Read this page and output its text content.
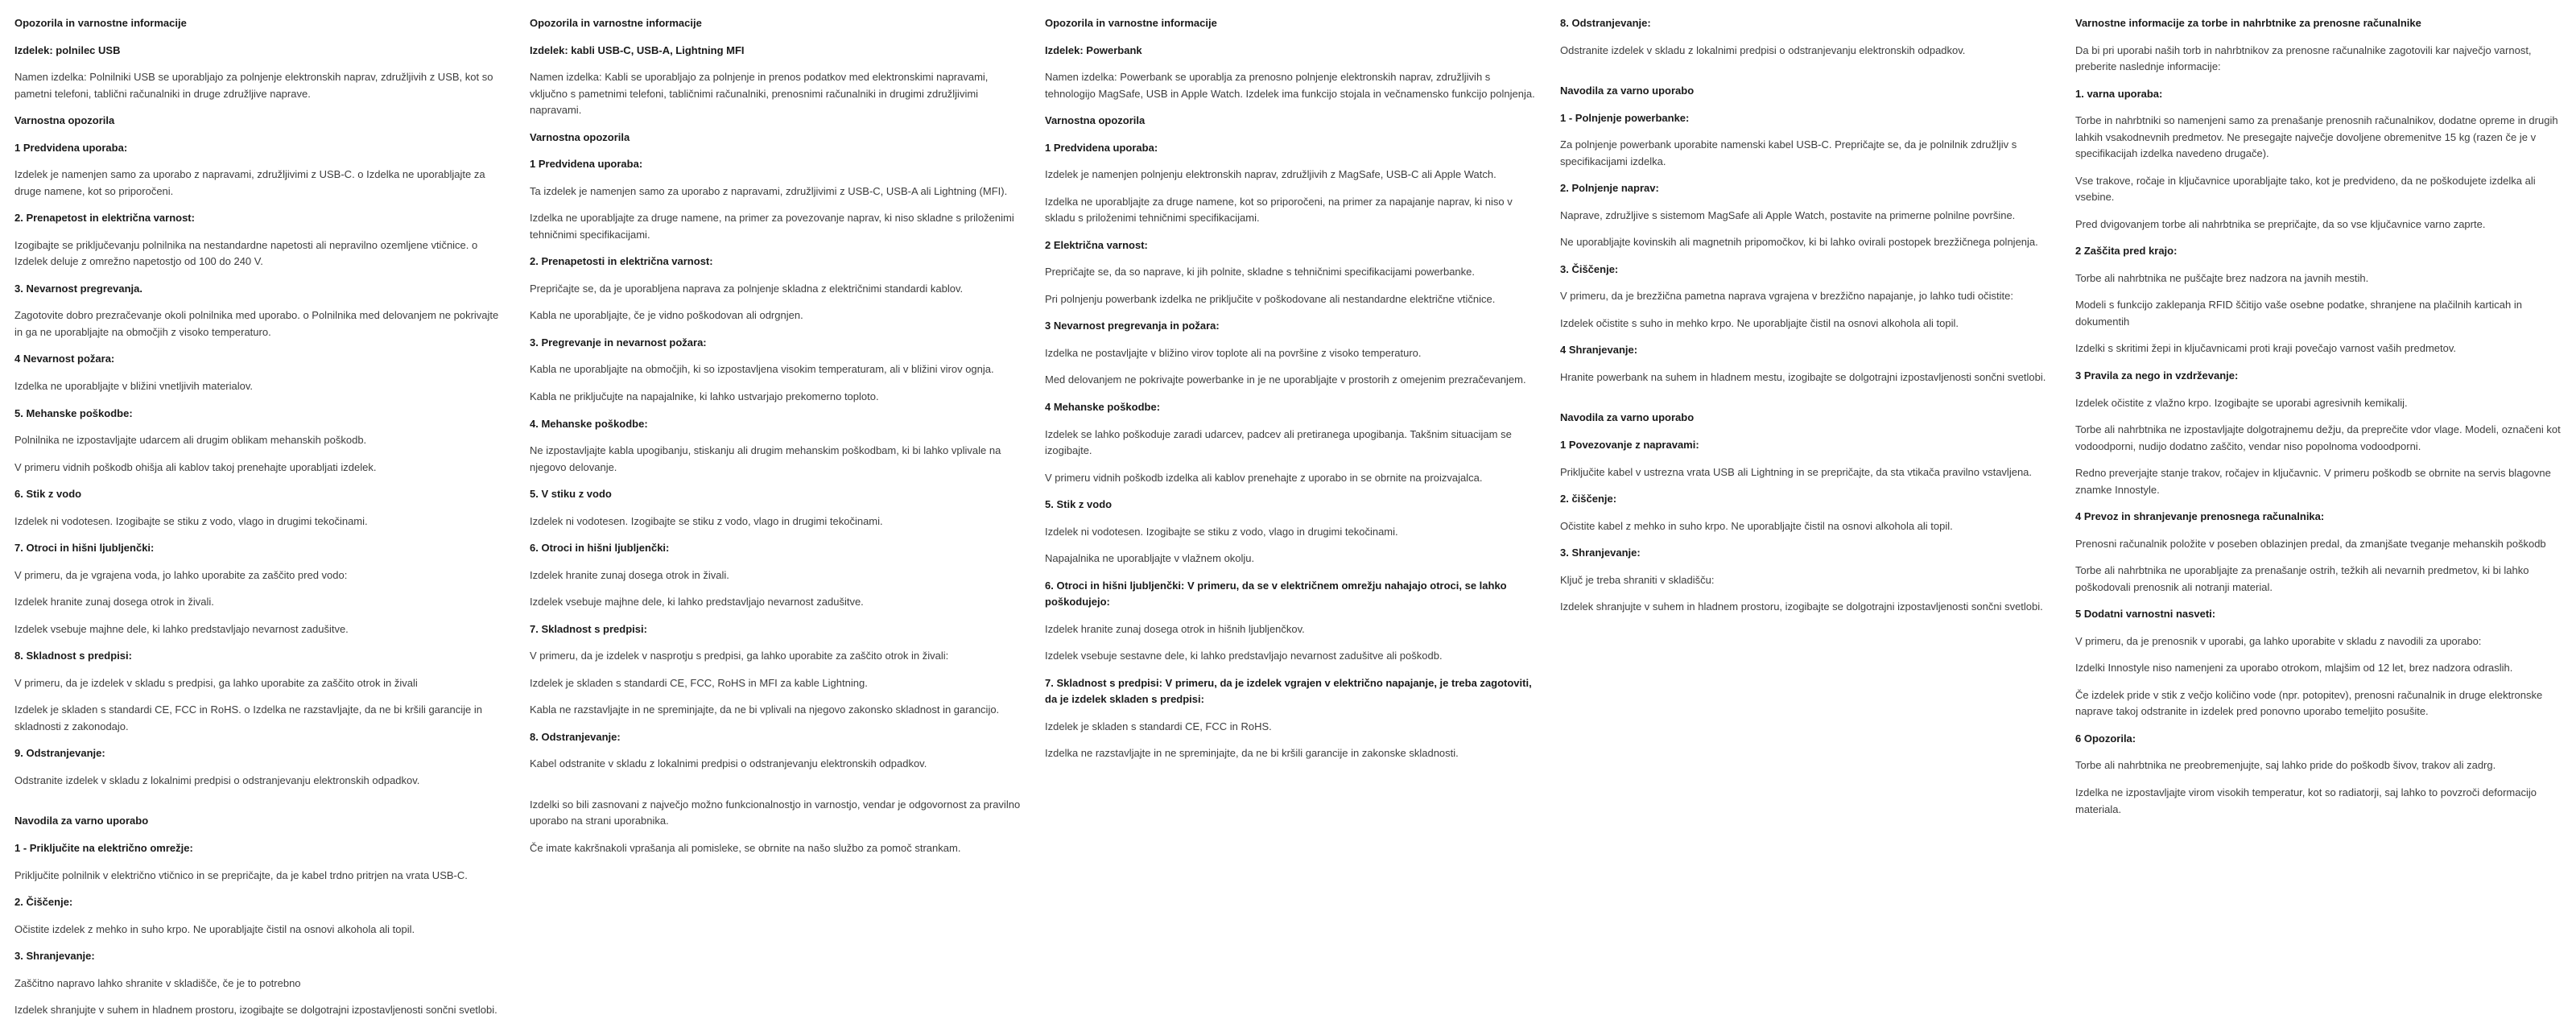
Opozorila in varnostne informacije

Izdelek: polnilec USB

Namen izdelka: Polnilniki USB se uporabljajo za polnjenje elektronskih naprav, združljivih z USB, kot so pametni telefoni, tablični računalniki in druge združljive naprave.

Varnostna opozorila

1 Predvidena uporaba:

Izdelek je namenjen samo za uporabo z napravami, združljivimi z USB-C. o Izdelka ne uporabljajte za druge namene, kot so priporočeni.

2. Prenapetost in električna varnost:

Izogibajte se priključevanju polnilnika na nestandardne napetosti ali nepravilno ozemljene vtičnice. o Izdelek deluje z omrežno napetostjo od 100 do 240 V.

3. Nevarnost pregrevanja.

Zagotovite dobro prezračevanje okoli polnilnika med uporabo. o Polnilnika med delovanjem ne pokrivajte in ga ne uporabljajte na območjih z visoko temperaturo.

4 Nevarnost požara:

Izdelka ne uporabljajte v bližini vnetljivih materialov.

5. Mehanske poškodbe:

Polnilnika ne izpostavljajte udarcem ali drugim oblikam mehanskih poškodb.

V primeru vidnih poškodb ohišja ali kablov takoj prenehajte uporabljati izdelek.

6. Stik z vodo

Izdelek ni vodotesen. Izogibajte se stiku z vodo, vlago in drugimi tekočinami.

7. Otroci in hišni ljubljenčki:

V primeru, da je vgrajena voda, jo lahko uporabite za zaščito pred vodo:

Izdelek hranite zunaj dosega otrok in živali.

Izdelek vsebuje majhne dele, ki lahko predstavljajo nevarnost zadušitve.

8. Skladnost s predpisi:

V primeru, da je izdelek v skladu s predpisi, ga lahko uporabite za zaščito otrok in živali

Izdelek je skladen s standardi CE, FCC in RoHS. o Izdelka ne razstavljajte, da ne bi kršili garancije in skladnosti z zakonodajo.

9. Odstranjevanje:

Odstranite izdelek v skladu z lokalnimi predpisi o odstranjevanju elektronskih odpadkov.

Navodila za varno uporabo

1 - Priključite na električno omrežje:

Priključite polnilnik v električno vtičnico in se prepričajte, da je kabel trdno pritrjen na vrata USB-C.

2. Čiščenje:

Očistite izdelek z mehko in suho krpo. Ne uporabljajte čistil na osnovi alkohola ali topil.

3. Shranjevanje:

Zaščitno napravo lahko shranite v skladišče, če je to potrebno

Izdelek shranjujte v suhem in hladnem prostoru, izogibajte se dolgotrajni izpostavljenosti sončni svetlobi.

Opozorila in varnostne informacije

Izdelek: kabli USB-C, USB-A, Lightning MFI

Namen izdelka: Kabli se uporabljajo za polnjenje in prenos podatkov med elektronskimi napravami, vključno s pametnimi telefoni, tabličnimi računalniki, prenosnimi računalniki in drugimi združljivimi napravami.

Varnostna opozorila

1 Predvidena uporaba:

Ta izdelek je namenjen samo za uporabo z napravami, združljivimi z USB-C, USB-A ali Lightning (MFI).

Izdelka ne uporabljajte za druge namene, na primer za povezovanje naprav, ki niso skladne s priloženimi tehničnimi specifikacijami.

2. Prenapetosti in električna varnost:

Prepričajte se, da je uporabljena naprava za polnjenje skladna z električnimi standardi kablov.

Kabla ne uporabljajte, če je vidno poškodovan ali odrgnjen.

3. Pregrevanje in nevarnost požara:

Kabla ne uporabljajte na območjih, ki so izpostavljena visokim temperaturam, ali v bližini virov ognja.

Kabla ne priključujte na napajalnike, ki lahko ustvarjajo prekomerno toploto.

4. Mehanske poškodbe:

Ne izpostavljajte kabla upogibanju, stiskanju ali drugim mehanskim poškodbam, ki bi lahko vplivale na njegovo delovanje.

5. V stiku z vodo

Izdelek ni vodotesen. Izogibajte se stiku z vodo, vlago in drugimi tekočinami.

6. Otroci in hišni ljubljenčki:

Izdelek hranite zunaj dosega otrok in živali.

Izdelek vsebuje majhne dele, ki lahko predstavljajo nevarnost zadušitve.

7. Skladnost s predpisi:

V primeru, da je izdelek v nasprotju s predpisi, ga lahko uporabite za zaščito otrok in živali:

Izdelek je skladen s standardi CE, FCC, RoHS in MFI za kable Lightning.

Kabla ne razstavljajte in ne spreminjajte, da ne bi vplivali na njegovo zakonsko skladnost in garancijo.

8. Odstranjevanje:

Kabel odstranite v skladu z lokalnimi predpisi o odstranjevanju elektronskih odpadkov.

Izdelki so bili zasnovani z največjo možno funkcionalnostjo in varnostjo, vendar je odgovornost za pravilno uporabo na strani uporabnika.

Če imate kakršnakoli vprašanja ali pomisleke, se obrnite na našo službo za pomoč strankam.

Opozorila in varnostne informacije

Izdelek: Powerbank

Namen izdelka: Powerbank se uporablja za prenosno polnjenje elektronskih naprav, združljivih s tehnologijo MagSafe, USB in Apple Watch. Izdelek ima funkcijo stojala in večnamensko funkcijo polnjenja.

Varnostna opozorila

1 Predvidena uporaba:

Izdelek je namenjen polnjenju elektronskih naprav, združljivih z MagSafe, USB-C ali Apple Watch.

Izdelka ne uporabljajte za druge namene, kot so priporočeni, na primer za napajanje naprav, ki niso v skladu s priloženimi tehničnimi specifikacijami.

2 Električna varnost:

Prepričajte se, da so naprave, ki jih polnite, skladne s tehničnimi specifikacijami powerbanke.

Pri polnjenju powerbank izdelka ne priključite v poškodovane ali nestandardne električne vtičnice.

3 Nevarnost pregrevanja in požara:

Izdelka ne postavljajte v bližino virov toplote ali na površine z visoko temperaturo.

Med delovanjem ne pokrivajte powerbanke in je ne uporabljajte v prostorih z omejenim prezračevanjem.

4 Mehanske poškodbe:

Izdelek se lahko poškoduje zaradi udarcev, padcev ali pretiranega upogibanja. Takšnim situacijam se izogibajte.

V primeru vidnih poškodb izdelka ali kablov prenehajte z uporabo in se obrnite na proizvajalca.

5. Stik z vodo

Izdelek ni vodotesen. Izogibajte se stiku z vodo, vlago in drugimi tekočinami.

Napajalnika ne uporabljajte v vlažnem okolju.

6. Otroci in hišni ljubljenčki: V primeru, da se v električnem omrežju nahajajo otroci, se lahko poškodujejo:

Izdelek hranite zunaj dosega otrok in hišnih ljubljenčkov.

Izdelek vsebuje sestavne dele, ki lahko predstavljajo nevarnost zadušitve ali poškodb.

7. Skladnost s predpisi: V primeru, da je izdelek vgrajen v električno napajanje, je treba zagotoviti, da je izdelek skladen s predpisi:

Izdelek je skladen s standardi CE, FCC in RoHS.

Izdelka ne razstavljajte in ne spreminjajte, da ne bi kršili garancije in zakonske skladnosti.

8. Odstranjevanje:

Odstranite izdelek v skladu z lokalnimi predpisi o odstranjevanju elektronskih odpadkov.

Navodila za varno uporabo

1 - Polnjenje powerbanke:

Za polnjenje powerbank uporabite namenski kabel USB-C. Prepričajte se, da je polnilnik združljiv s specifikacijami izdelka.

2. Polnjenje naprav:

Naprave, združljive s sistemom MagSafe ali Apple Watch, postavite na primerne polnilne površine.

Ne uporabljajte kovinskih ali magnetnih pripomočkov, ki bi lahko ovirali postopek brezžičnega polnjenja.

3. Čiščenje:

V primeru, da je brezžična pametna naprava vgrajena v brezžično napajanje, jo lahko tudi očistite:

Izdelek očistite s suho in mehko krpo. Ne uporabljajte čistil na osnovi alkohola ali topil.

4 Shranjevanje:

Hranite powerbank na suhem in hladnem mestu, izogibajte se dolgotrajni izpostavljenosti sončni svetlobi.

Navodila za varno uporabo

1 Povezovanje z napravami:

Priključite kabel v ustrezna vrata USB ali Lightning in se prepričajte, da sta vtikača pravilno vstavljena.

2. čiščenje:

Očistite kabel z mehko in suho krpo. Ne uporabljajte čistil na osnovi alkohola ali topil.

3. Shranjevanje:

Ključ je treba shraniti v skladišču:

Izdelek shranjujte v suhem in hladnem prostoru, izogibajte se dolgotrajni izpostavljenosti sončni svetlobi.

Varnostne informacije za torbe in nahrbtnike za prenosne računalnike

Da bi pri uporabi naših torb in nahrbtnikov za prenosne računalnike zagotovili kar največjo varnost, preberite naslednje informacije:

1. varna uporaba:

Torbe in nahrbtniki so namenjeni samo za prenašanje prenosnih računalnikov, dodatne opreme in drugih lahkih vsakodnevnih predmetov. Ne presegajte največje dovoljene obremenitve 15 kg (razen če je v specifikacijah izdelka navedeno drugače).

Vse trakove, ročaje in ključavnice uporabljajte tako, kot je predvideno, da ne poškodujete izdelka ali vsebine.

Pred dvigovanjem torbe ali nahrbtnika se prepričajte, da so vse ključavnice varno zaprte.

2 Zaščita pred krajo:

Torbe ali nahrbtnika ne puščajte brez nadzora na javnih mestih.

Modeli s funkcijo zaklepanja RFID ščitijo vaše osebne podatke, shranjene na plačilnih karticah in dokumentih

Izdelki s skritimi žepi in ključavnicami proti kraji povečajo varnost vaših predmetov.

3 Pravila za nego in vzdrževanje:

Izdelek očistite z vlažno krpo. Izogibajte se uporabi agresivnih kemikalij.

Torbe ali nahrbtnika ne izpostavljajte dolgotrajnemu dežju, da preprečite vdor vlage. Modeli, označeni kot vodoodporni, nudijo dodatno zaščito, vendar niso popolnoma vodoodporni.

Redno preverjajte stanje trakov, ročajev in ključavnic. V primeru poškodb se obrnite na servis blagovne znamke Innostyle.

4 Prevoz in shranjevanje prenosnega računalnika:

Prenosni računalnik položite v poseben oblazinjen predal, da zmanjšate tveganje mehanskih poškodb

Torbe ali nahrbtnika ne uporabljajte za prenašanje ostrih, težkih ali nevarnih predmetov, ki bi lahko poškodovali prenosnik ali notranji material.

5 Dodatni varnostni nasveti:

V primeru, da je prenosnik v uporabi, ga lahko uporabite v skladu z navodili za uporabo:

Izdelki Innostyle niso namenjeni za uporabo otrokom, mlajšim od 12 let, brez nadzora odraslih.

Če izdelek pride v stik z večjo količino vode (npr. potopitev), prenosni računalnik in druge elektronske naprave takoj odstranite in izdelek pred ponovno uporabo temeljito posušite.

6 Opozorila:

Torbe ali nahrbtnika ne preobremenjujte, saj lahko pride do poškodb šivov, trakov ali zadrg.

Izdelka ne izpostavljajte virom visokih temperatur, kot so radiatorji, saj lahko to povzroči deformacijo materiala.
